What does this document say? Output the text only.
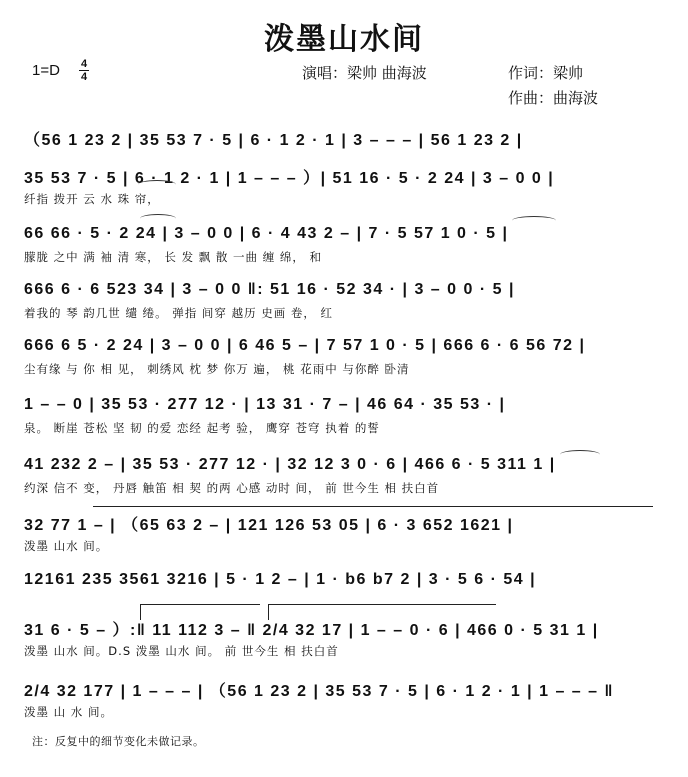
泼墨山水间
1=D 4
4	演唱：梁帅 曲海波	作词：梁帅
作曲：曲海波
（56 1 23 2 | 35 53 7 · 5 | 6 · 1 2 · 1 | 3 – – – | 56 1 23 2 |
35 53 7 · 5 | 6 · 1 2 · 1 | 1 – – – ）| 51 16 · 5 · 2 24 | 3 – 0 0 |
纤指 拨开 云 水 珠 帘，
66 66 · 5 · 2 24 | 3 – 0 0 | 6 · 4 43 2 – | 7 · 5 57 1 0 · 5 |
朦胧 之中 满 袖 清 寒， 长 发 飘 散 一曲 缠 绵， 和
666 6 · 6 523 34 | 3 – 0 0 ‖: 51 16 · 52 34 · | 3 – 0 0 · 5 |
着我的 琴 韵几世 缱 绻。 弹指 间穿 越历 史画 卷， 红
666 6 5 · 2 24 | 3 – 0 0 | 6 46 5 – | 7 57 1 0 · 5 | 666 6 · 6 56 72 |
尘有缘 与 你 相 见， 刺绣风 枕 梦 你万 遍， 桃 花雨中 与你醉 卧清
1 – – 0 | 35 53 · 277 12 · | 13 31 · 7 – | 46 64 · 35 53 · |
泉。 断崖 苍松 坚 韧 的爱 恋经 起考 验， 鹰穿 苍穹 执着 的誓
41 232 2 – | 35 53 · 277 12 · | 32 12 3 0 · 6 | 466 6 · 5 311 1 |
约深 信不 变， 丹唇 触笛 相 契 的两 心感 动时 间， 前 世今生 相 扶白首
32 77 1 – | （65 63 2 – | 121 126 53 05 | 6 · 3 652 1621 |
泼墨 山水 间。
12161 235 3561 3216 | 5 · 1 2 – | 1 · b6 b7 2 | 3 · 5 6 · 54 |
31 6 · 5 – ）:‖ 11 112 3 – ‖ 2/4 32 17 | 1 – – 0 · 6 | 466 0 · 5 31 1 |
泼墨 山水 间。D.S 泼墨 山水 间。 前 世今生 相 扶白首
2/4 32 177 | 1 – – – | （56 1 23 2 | 35 53 7 · 5 | 6 · 1 2 · 1 | 1 – – – ‖
泼墨 山 水 间。
注：反复中的细节变化未做记录。
